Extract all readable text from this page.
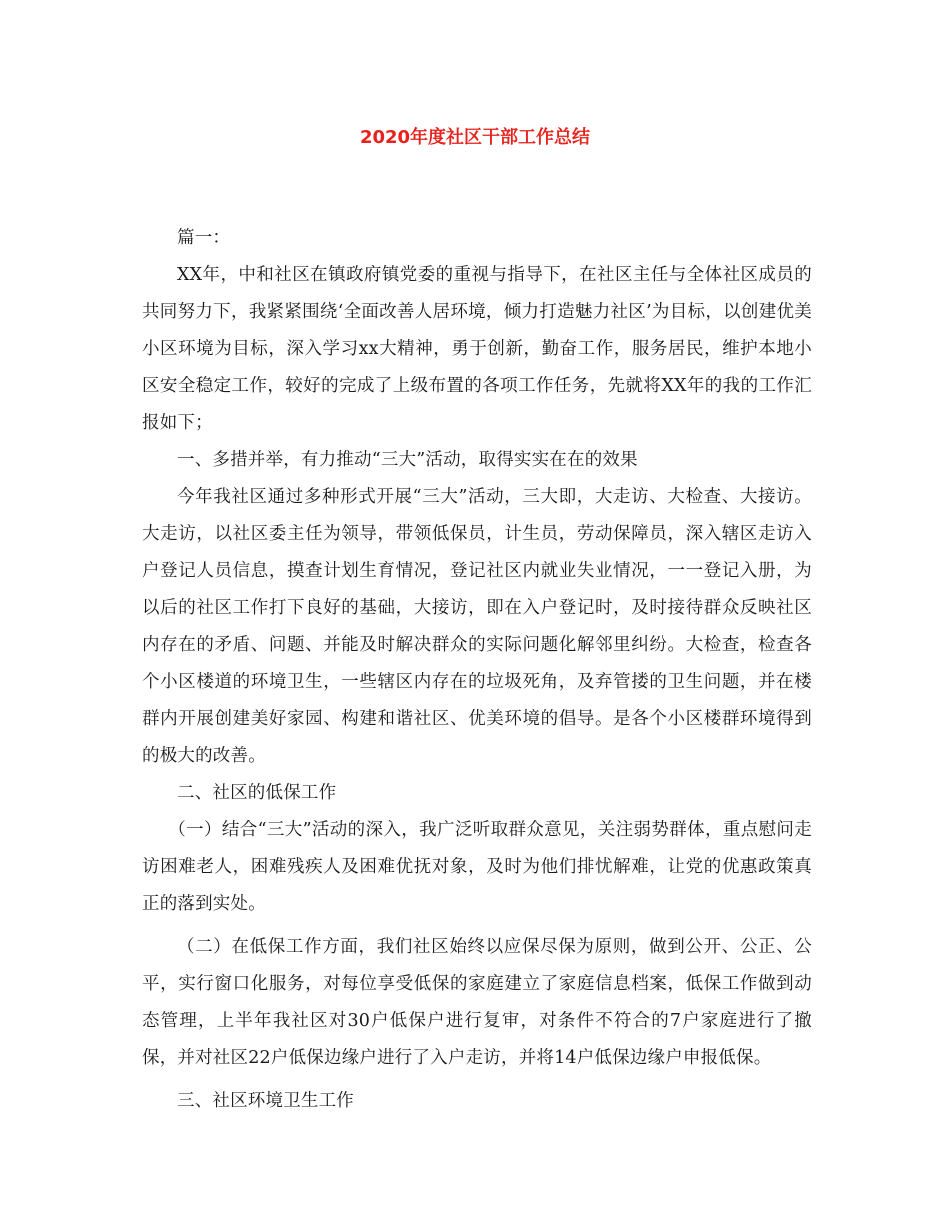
2020年度社区干部工作总结

篇一：

XX年，中和社区在镇政府镇党委的重视与指导下，在社区主任与全体社区成员的共同努力下，我紧紧围绕‘全面改善人居环境，倾力打造魅力社区’为目标，以创建优美小区环境为目标，深入学习xx大精神，勇于创新，勤奋工作，服务居民，维护本地小区安全稳定工作，较好的完成了上级布置的各项工作任务，先就将XX年的我的工作汇报如下；

一、多措并举，有力推动“三大”活动，取得实实在在的效果

今年我社区通过多种形式开展“三大”活动，三大即，大走访、大检查、大接访。大走访，以社区委主任为领导，带领低保员，计生员，劳动保障员，深入辖区走访入户登记人员信息，摸查计划生育情况，登记社区内就业失业情况，一一登记入册，为以后的社区工作打下良好的基础，大接访，即在入户登记时，及时接待群众反映社区内存在的矛盾、问题、并能及时解决群众的实际问题化解邻里纠纷。大检查，检查各个小区楼道的环境卫生，一些辖区内存在的垃圾死角，及弃管搂的卫生问题，并在楼群内开展创建美好家园、构建和谐社区、优美环境的倡导。是各个小区楼群环境得到的极大的改善。

二、社区的低保工作

（一）结合“三大”活动的深入，我广泛听取群众意见，关注弱势群体，重点慰问走访困难老人，困难残疾人及困难优抚对象，及时为他们排忧解难，让党的优惠政策真正的落到实处。

（二）在低保工作方面，我们社区始终以应保尽保为原则，做到公开、公正、公平，实行窗口化服务，对每位享受低保的家庭建立了家庭信息档案，低保工作做到动态管理，上半年我社区对30户低保户进行复审，对条件不符合的7户家庭进行了撤保，并对社区22户低保边缘户进行了入户走访，并将14户低保边缘户申报低保。

三、社区环境卫生工作
